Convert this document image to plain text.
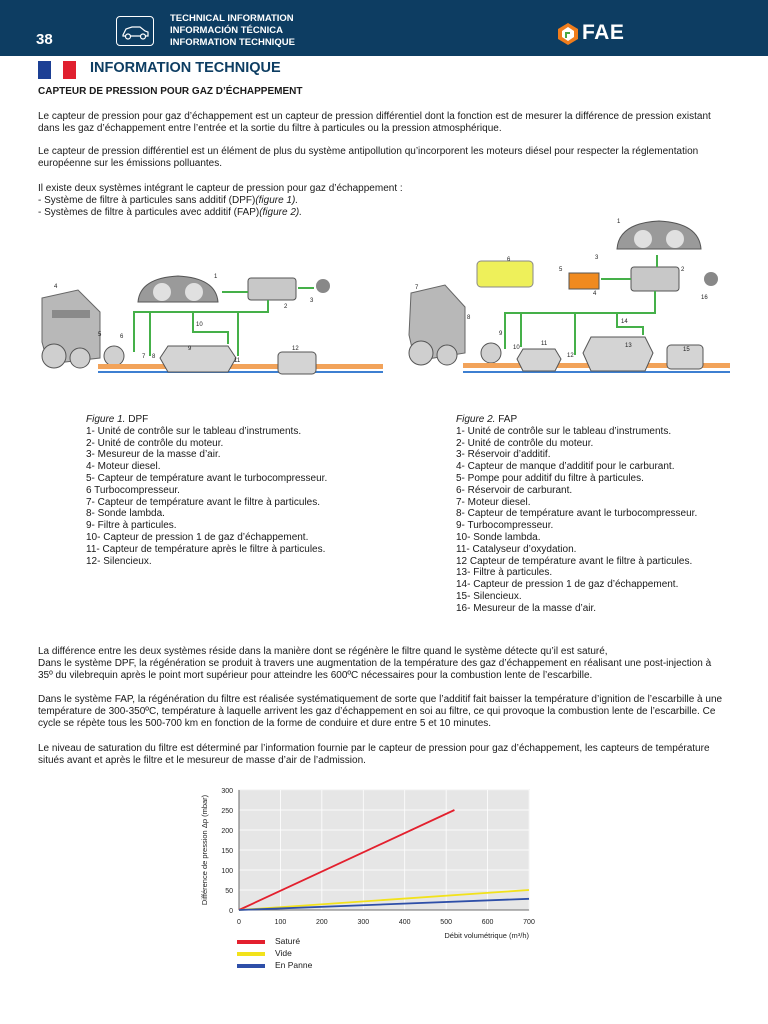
38
TECHNICAL INFORMATION
INFORMACIÓN TÉCNICA
INFORMATION TECHNIQUE	FAE
INFORMATION TECHNIQUE
CAPTEUR DE PRESSION POUR GAZ D’ÉCHAPPEMENT
Le capteur de pression pour gaz d’échappement est un capteur de pression différentiel dont la fonction est de mesurer la différence de pression existant dans les gaz d’échappement entre l’entrée et la sortie du filtre à particules ou la pression atmosphérique.
Le capteur de pression différentiel est un élément de plus du système antipollution qu’incorporent les moteurs diésel pour respecter la réglementation européenne sur les émissions polluantes.
Il existe deux systèmes intégrant le capteur de pression pour gaz d’échappement :
- Système de filtre à particules sans additif (DPF)(figure 1).
- Systèmes de filtre à particules avec additif (FAP)(figure 2).
1
2
3
4
5	6
7 8
9
10
11
12
1
2
3
4
5
6
7
8
9
10
11
12
13
14
15
16
Figure 1. DPF
1- Unité de contrôle sur le tableau d’instruments.
2- Unité de contrôle du moteur.
3- Mesureur de la masse d’air.
4- Moteur diesel.
5- Capteur de température avant le turbocompresseur.
6 Turbocompresseur.
7- Capteur de température avant le filtre à particules.
8- Sonde lambda.
9- Filtre à particules.
10- Capteur de pression 1 de gaz d’échappement.
11- Capteur de température après le filtre à particules.
12- Silencieux.
Figure 2. FAP
1- Unité de contrôle sur le tableau d’instruments.
2- Unité de contrôle du moteur.
3- Réservoir d’additif.
4- Capteur de manque d’additif pour le carburant.
5- Pompe pour additif du filtre à particules.
6- Réservoir de carburant.
7- Moteur diesel.
8- Capteur de température avant le turbocompresseur.
9- Turbocompresseur.
10- Sonde lambda.
11- Catalyseur d’oxydation.
12 Capteur de température avant le filtre à particules.
13- Filtre à particules.
14- Capteur de pression 1 de gaz d’échappement.
15- Silencieux.
16- Mesureur de la masse d’air.
La différence entre les deux systèmes réside dans la manière dont se régénère le filtre quand le système détecte qu’il est saturé,
Dans le système DPF, la régénération se produit à travers une augmentation de la température des gaz d’échappement en réalisant une post-injection à 35º du vilebrequin après le point mort supérieur pour atteindre les 600ºC nécessaires pour la combustion lente de l’escarbille.
Dans le système FAP, la régénération du filtre est réalisée systématiquement de sorte que l’additif fait baisser la température d’ignition de l’escarbille à une température de 300-350ºC, température à laquelle arrivent les gaz d’échappement en soi au filtre, ce qui provoque la combustion lente de l’escarbille. Ce cycle se répète tous les 500-700 km en fonction de la forme de conduire et dure entre 5 et 10 minutes.
Le niveau de saturation du filtre est déterminé par l’information fournie par le capteur de pression pour gaz d’échappement, les capteurs de température situés avant et après le filtre et le mesureur de masse d’air de l’admission.
0
50
100
150
200
250
300
0	100	200	300	400	500	600	700
Différence de pression Δp (mbar)
Débit volumétrique (m³/h)
Saturé
Vide
En Panne
